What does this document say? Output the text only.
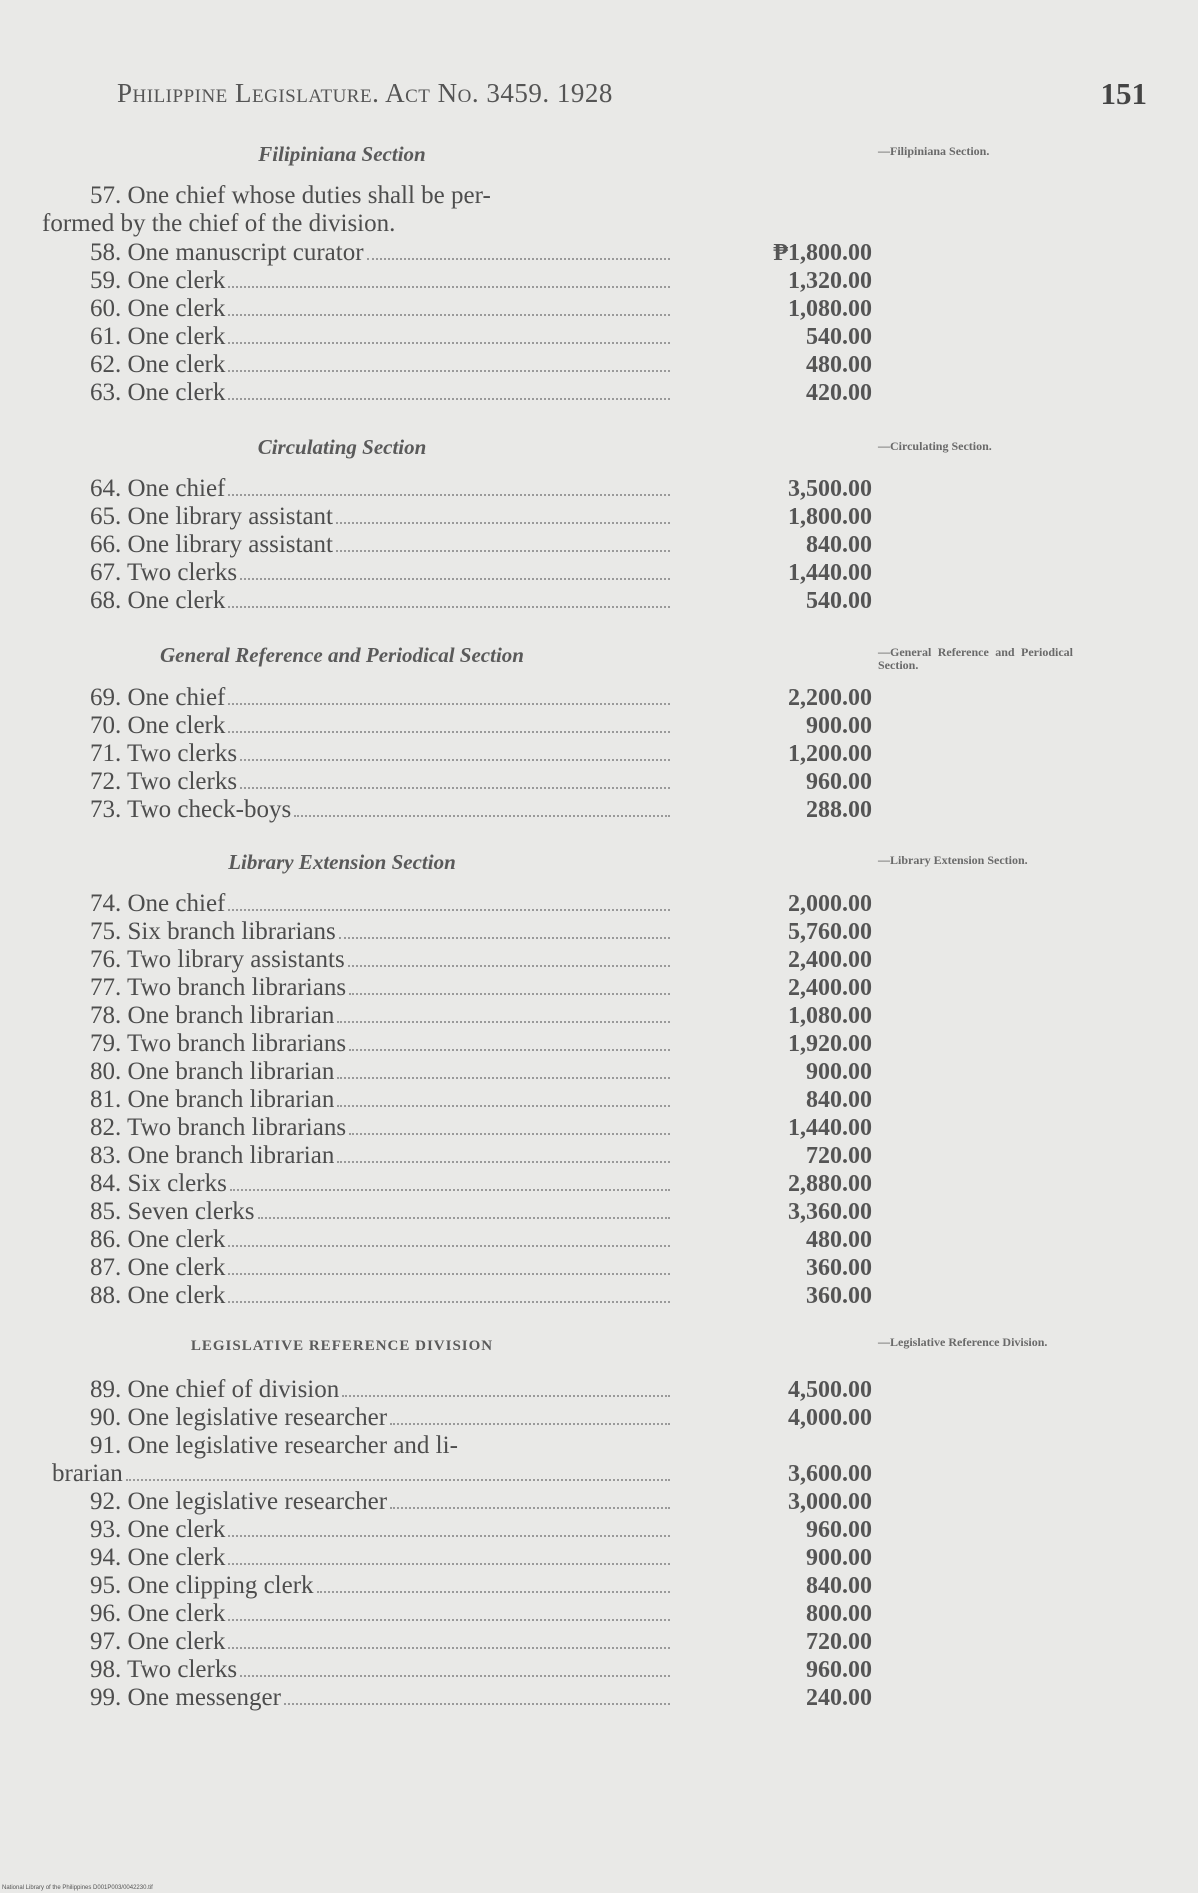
Philippine Legislature. Act No. 3459. 1928	151
Filipiniana Section	—Filipiniana Section.
57. One chief whose duties shall be per-
formed by the chief of the division.
58. One manuscript curator	₱1,800.00
59. One clerk	1,320.00
60. One clerk	1,080.00
61. One clerk	540.00
62. One clerk	480.00
63. One clerk	420.00
Circulating Section	—Circulating Section.
64. One chief	3,500.00
65. One library assistant	1,800.00
66. One library assistant	840.00
67. Two clerks	1,440.00
68. One clerk	540.00
General Reference and Periodical Section	—General Reference and Periodical Section.
69. One chief	2,200.00
70. One clerk	900.00
71. Two clerks	1,200.00
72. Two clerks	960.00
73. Two check-boys	288.00
Library Extension Section	—Library Extension Section.
74. One chief	2,000.00
75. Six branch librarians	5,760.00
76. Two library assistants	2,400.00
77. Two branch librarians	2,400.00
78. One branch librarian	1,080.00
79. Two branch librarians	1,920.00
80. One branch librarian	900.00
81. One branch librarian	840.00
82. Two branch librarians	1,440.00
83. One branch librarian	720.00
84. Six clerks	2,880.00
85. Seven clerks	3,360.00
86. One clerk	480.00
87. One clerk	360.00
88. One clerk	360.00
LEGISLATIVE REFERENCE DIVISION	—Legislative Reference Division.
89. One chief of division	4,500.00
90. One legislative researcher	4,000.00
91. One legislative researcher and li-
brarian	3,600.00
92. One legislative researcher	3,000.00
93. One clerk	960.00
94. One clerk	900.00
95. One clipping clerk	840.00
96. One clerk	800.00
97. One clerk	720.00
98. Two clerks	960.00
99. One messenger	240.00
National Library of the Philippines D001P003/0042230.tif
